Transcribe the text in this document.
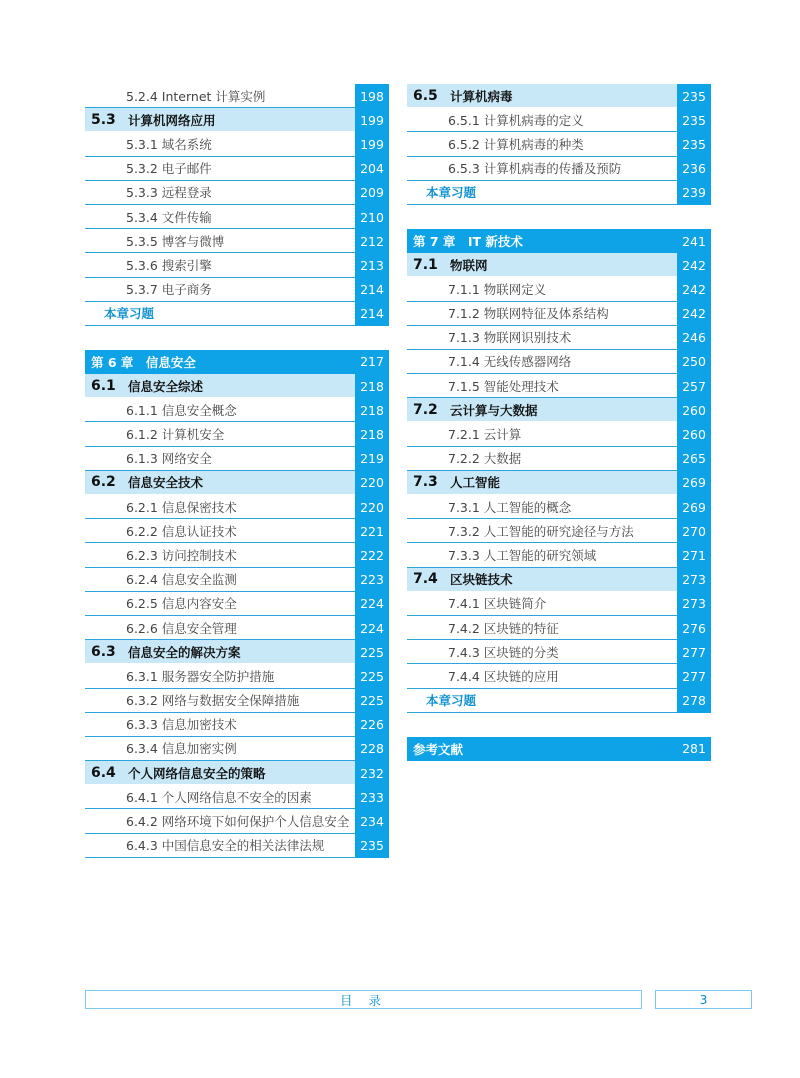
5.2.4 Internet 计算实例	198
5.3 计算机网络应用	199
5.3.1 域名系统	199
5.3.2 电子邮件	204
5.3.3 远程登录	209
5.3.4 文件传输	210
5.3.5 博客与微博	212
5.3.6 搜索引擎	213
5.3.7 电子商务	214
本章习题	214
第 6 章　信息安全	217
6.1 信息安全综述	218
6.1.1 信息安全概念	218
6.1.2 计算机安全	218
6.1.3 网络安全	219
6.2 信息安全技术	220
6.2.1 信息保密技术	220
6.2.2 信息认证技术	221
6.2.3 访问控制技术	222
6.2.4 信息安全监测	223
6.2.5 信息内容安全	224
6.2.6 信息安全管理	224
6.3 信息安全的解决方案	225
6.3.1 服务器安全防护措施	225
6.3.2 网络与数据安全保障措施	225
6.3.3 信息加密技术	226
6.3.4 信息加密实例	228
6.4 个人网络信息安全的策略	232
6.4.1 个人网络信息不安全的因素	233
6.4.2 网络环境下如何保护个人信息安全 234
6.4.3 中国信息安全的相关法律法规	235
6.5 计算机病毒	235
6.5.1 计算机病毒的定义	235
6.5.2 计算机病毒的种类	235
6.5.3 计算机病毒的传播及预防	236
本章习题	239
第 7 章　IT 新技术	241
7.1 物联网	242
7.1.1 物联网定义	242
7.1.2 物联网特征及体系结构	242
7.1.3 物联网识别技术	246
7.1.4 无线传感器网络	250
7.1.5 智能处理技术	257
7.2 云计算与大数据	260
7.2.1 云计算	260
7.2.2 大数据	265
7.3 人工智能	269
7.3.1 人工智能的概念	269
7.3.2 人工智能的研究途径与方法	270
7.3.3 人工智能的研究领域	271
7.4 区块链技术	273
7.4.1 区块链简介	273
7.4.2 区块链的特征	276
7.4.3 区块链的分类	277
7.4.4 区块链的应用	277
本章习题	278
参考文献	281
目 录	3
